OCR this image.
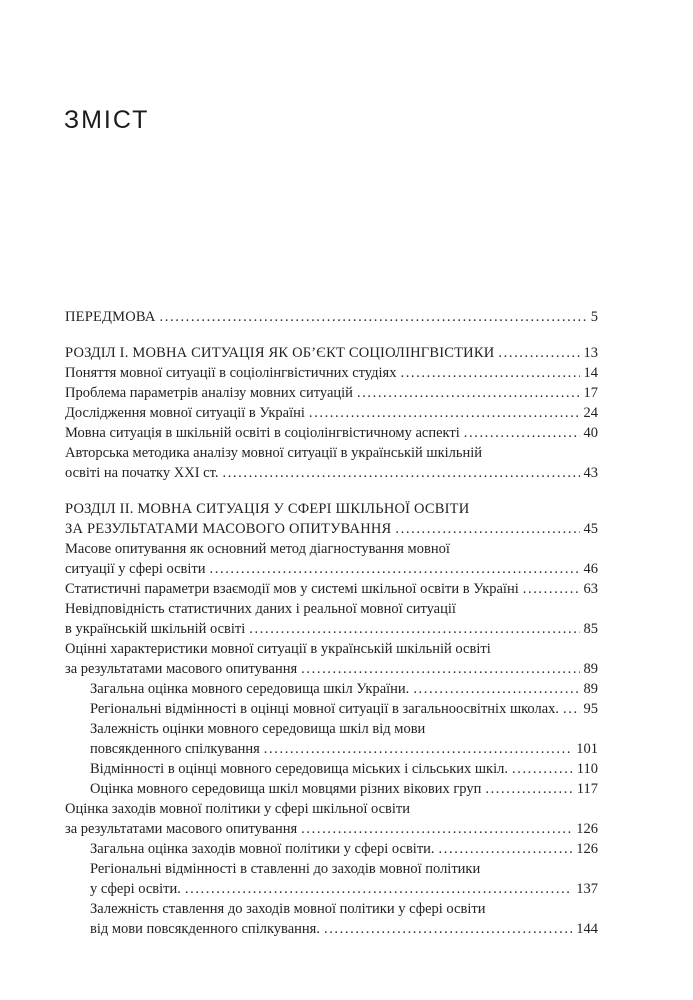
ЗМІСТ
ПЕРЕДМОВА .....	5
РОЗДІЛ І. МОВНА СИТУАЦІЯ ЯК ОБ’ЄКТ СОЦІОЛІНГВІСТИКИ .....	13
Поняття мовної ситуації в соціолінгвістичних студіях .....	14
Проблема параметрів аналізу мовних ситуацій .....	17
Дослідження мовної ситуації в Україні .....	24
Мовна ситуація в шкільній освіті в соціолінгвістичному аспекті .....	40
Авторська методика аналізу мовної ситуації в українській шкільній
освіті на початку XXI ст. .....	43
РОЗДІЛ ІІ. МОВНА СИТУАЦІЯ У СФЕРІ ШКІЛЬНОЇ ОСВІТИ
ЗА РЕЗУЛЬТАТАМИ МАСОВОГО ОПИТУВАННЯ .....	45
Масове опитування як основний метод діагностування мовної
ситуації у сфері освіти .....	46
Статистичні параметри взаємодії мов у системі шкільної освіти в Україні .....	63
Невідповідність статистичних даних і реальної мовної ситуації
в українській шкільній освіті .....	85
Оцінні характеристики мовної ситуації в українській шкільній освіті
за результатами масового опитування .....	89
Загальна оцінка мовного середовища шкіл України. .....	89
Регіональні відмінності в оцінці мовної ситуації в загальноосвітніх школах. ..... 95
Залежність оцінки мовного середовища шкіл від мови
повсякденного спілкування .....	101
Відмінності в оцінці мовного середовища міських і сільських шкіл. .....	110
Оцінка мовного середовища шкіл мовцями різних вікових груп .....	117
Оцінка заходів мовної політики у сфері шкільної освіти
за результатами масового опитування .....	126
Загальна оцінка заходів мовної політики у сфері освіти. .....	126
Регіональні відмінності в ставленні до заходів мовної політики
у сфері освіти. .....	137
Залежність ставлення до заходів мовної політики у сфері освіти
від мови повсякденного спілкування. .....	144
